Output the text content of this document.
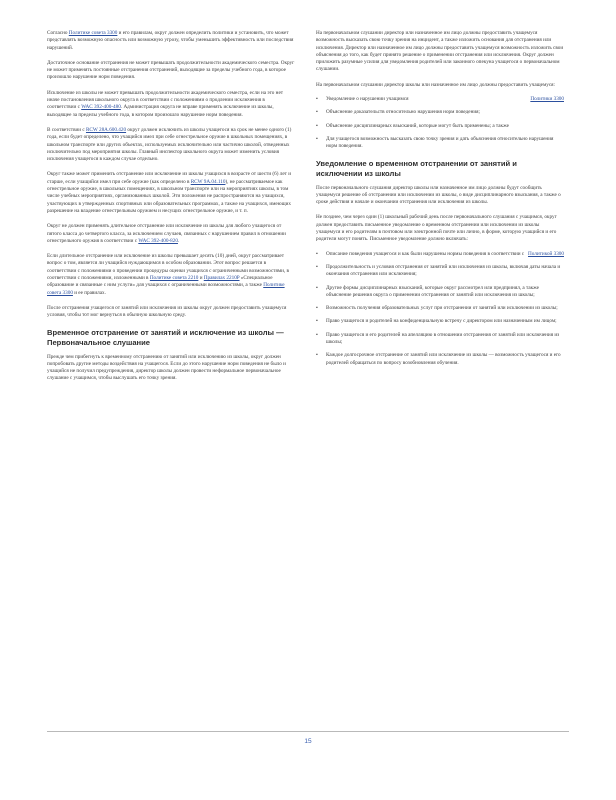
Согласно Политике совета 3300 и его правилам, округ должен определить политики и установить, что может представлять возможную опасность или возможную угрозу, чтобы уменьшить эффективность или последствия нарушений.

Достаточное основание отстранения не может превышать продолжительности академического семестра. Округ не может применять постоянные отстранения отстранений, выходящие за пределы учебного года, в которое произошло нарушение норм поведения.

Исключение из школы не может превышать продолжительности академического семестра, если на это нет иначе постановления школьного округа в соответствии с положениями о продлении исключения в соответствии с WAC 392-400-480. Администрация округа не вправе применять исключение из школы, выходящее за пределы учебного года, в котором произошло нарушение норм поведения.

В соответствии с RCW 28A.600.420 округ должен исключить из школы учащегося на срок не менее одного (1) года, если будет определено, что учащийся имел при себе огнестрельное оружие в школьных помещениях, в школьном транспорте или других объектах, используемых исключительно или частично школой, отведенных исключительно под мероприятия школы. Главный инспектор школьного округа может изменить условия исключения учащегося в каждом случае отдельно.

Округ также может применить отстранение или исключение из школы учащихся в возрасте от шести (6) лет и старше, если учащийся имел при себе оружие (как определено в RCW 9A.04.110), не рассматриваемое как огнестрельное оружие, в школьных помещениях, в школьном транспорте или на мероприятиях школы, в том числе учебных мероприятиях, организованных школой. Эти положения не распространяются на учащихся, участвующих в утвержденных спортивных или образовательных программах, а также на учащихся, имеющих разрешение на владение огнестрельным оружием и несущих огнестрельное оружие, и т. п.

Округ не должен применять длительное отстранение или исключение из школы для любого учащегося от пятого класса до четвертого класса, за исключением случаев, связанных с нарушением правил в отношении огнестрельного оружия в соответствии с WAC 392-400-820.

Если длительное отстранение или исключение из школы превышает десять (10) дней, округ рассматривает вопрос о том, является ли учащийся нуждающимся в особом образовании. Этот вопрос решается в соответствии с положениями о проведении процедуры оценки учащихся с ограниченными возможностями, в соответствии с положениями, изложенными в Политике совета 2210 и Правилах 2210P «Специальное образование и связанные с ним услуги» для учащихся с ограниченными возможностями, а также Политике совета 3300 и ее правилах.

После отстранения учащегося от занятий или исключения из школы округ должен предоставить учащемуся условия, чтобы тот мог вернуться в обычную школьную среду.

Временное отстранение от занятий и исключение из школы — Первоначальное слушание

Прежде чем прибегнуть к временному отстранению от занятий или исключению из школы, округ должен попробовать другие методы воздействия на учащегося. Если до этого нарушение норм поведения не было и учащийся не получил предупреждения, директор школы должен провести неформальное первоначальное слушание с учащимся, чтобы выслушать его точку зрения.

На первоначальном слушании директор или назначенное им лицо должны предоставить учащемуся возможность высказать свою точку зрения на инцидент, а также изложить основания для отстранения или исключения. Директор или назначенное им лицо должны предоставить учащемуся возможность изложить свои объяснения до того, как будет принято решение о применении отстранения или исключения. Округ должен приложить разумные усилия для уведомления родителей или законного опекуна учащегося о первоначальном слушании.

На первоначальном слушании директор школы или назначенное им лицо должны предоставить учащемуся:

▪	Уведомление о нарушении учащимся	Политики 3300
▪	Объяснение доказательств относительно нарушения норм поведения;
▪	Объяснение дисциплинарных взысканий, которые могут быть применены; а также
▪	Для учащегося возможность высказать свою точку зрения и дать объяснения относительно нарушения норм поведения.
Уведомление о временном отстранении от занятий и исключении из школы

После первоначального слушания директор школы или назначенное им лицо должны будут сообщить учащемуся решение об отстранении или исключении из школы, о виде дисциплинарного взыскания, а также о сроке действия и начале и окончании отстранения или исключения из школы.

Не позднее, чем через один (1) школьный рабочий день после первоначального слушания с учащимся, округ должен предоставить письменное уведомление о временном отстранении или исключении из школы учащемуся и его родителям в почтовом или электронной почте или лично, в форме, которую учащийся и его родители могут понять. Письменное уведомление должно включать:

▪	Описание поведения учащегося и как были нарушены нормы поведения в соответствии с Политикой 3300
▪	Продолжительность и условия отстранения от занятий или исключения из школы, включая даты начала и окончания отстранения или исключения;
▪	Другие формы дисциплинарных взысканий, которые округ рассмотрел или предпринял, а также объяснение решения округа о применении отстранения от занятий или исключения из школы;
▪	Возможность получения образовательных услуг при отстранении от занятий или исключении из школы;
▪	Право учащегося и родителей на конфиденциальную встречу с директором или назначенным им лицом;
▪	Право учащегося и его родителей на апелляцию в отношении отстранения от занятий или исключения из школы;
▪	Каждое долгосрочное отстранение от занятий или исключение из школы — возможность учащегося и его родителей обращаться по вопросу возобновления обучения.
15
